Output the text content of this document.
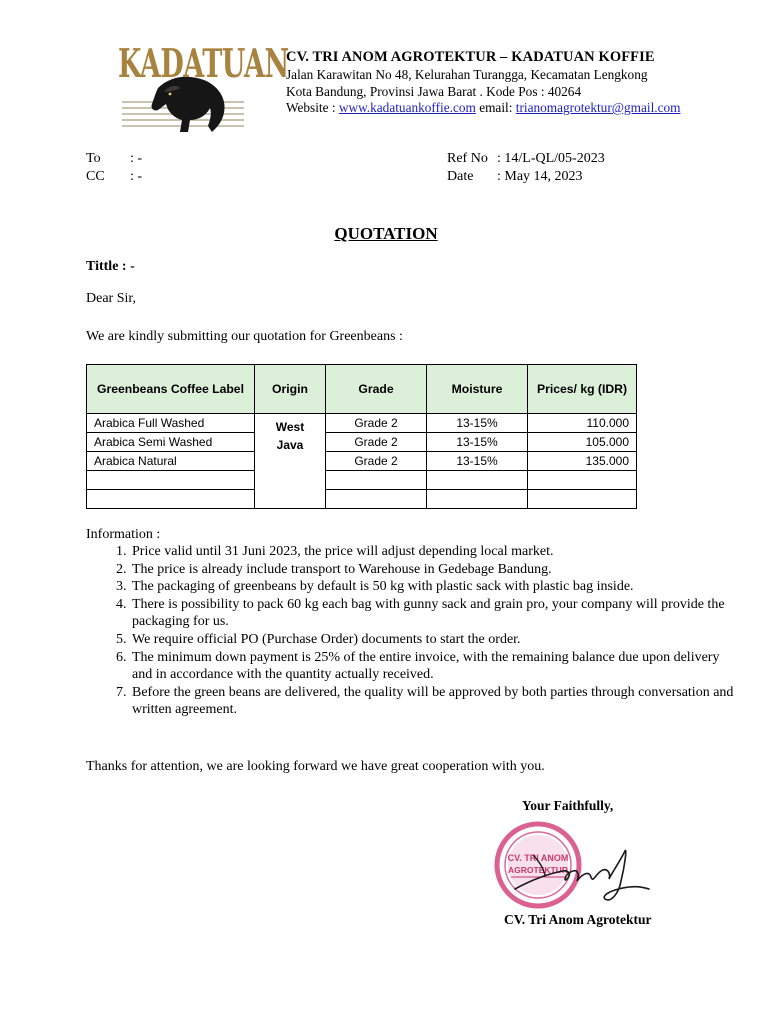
KADATUAN
CV. TRI ANOM AGROTEKTUR – KADATUAN KOFFIE
Jalan Karawitan No 48, Kelurahan Turangga, Kecamatan Lengkong
Kota Bandung, Provinsi Jawa Barat . Kode Pos : 40264
Website : www.kadatuankoffie.com email: trianomagrotektur@gmail.com
To : -
CC : -
Ref No : 14/L-QL/05-2023
Date : May 14, 2023
QUOTATION
Tittle : -
Dear Sir,
We are kindly submitting our quotation for Greenbeans :
Greenbeans Coffee Label	Origin	Grade	Moisture	Prices/ kg (IDR)
Arabica Full Washed	West Java	Grade 2	13-15%	110.000
Arabica Semi Washed		Grade 2	13-15%	105.000
Arabica Natural		Grade 2	13-15%	135.000

Information :
1. Price valid until 31 Juni 2023, the price will adjust depending local market.
2. The price is already include transport to Warehouse in Gedebage Bandung.
3. The packaging of greenbeans by default is 50 kg with plastic sack with plastic bag inside.
4. There is possibility to pack 60 kg each bag with gunny sack and grain pro, your company will provide the packaging for us.
5. We require official PO (Purchase Order) documents to start the order.
6. The minimum down payment is 25% of the entire invoice, with the remaining balance due upon delivery and in accordance with the quantity actually received.
7. Before the green beans are delivered, the quality will be approved by both parties through conversation and written agreement.
Thanks for attention, we are looking forward we have great cooperation with you.
Your Faithfully,
CV. TRI ANOM
AGROTEKTUR
CV. Tri Anom Agrotektur
